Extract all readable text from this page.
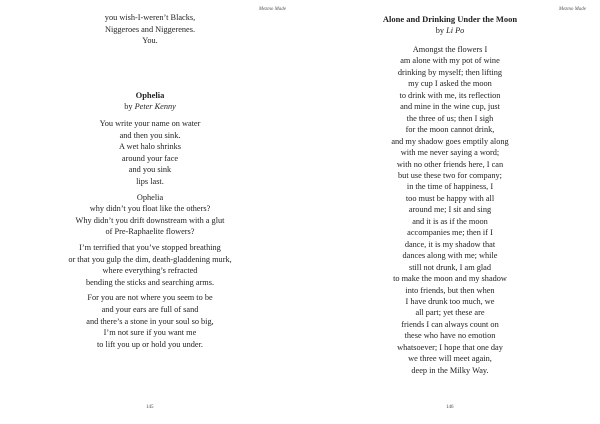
Mezmo Made

you wish-I-weren’t Blacks,

Niggeroes and Niggerenes.

You.

Ophelia

by Peter Kenny

You write your name on water
and then you sink.
A wet halo shrinks
around your face
and you sink
lips last.

Ophelia
why didn’t you float like the others?
Why didn’t you drift downstream with a glut
of Pre-Raphaelite flowers?

I’m terrified that you’ve stopped breathing
or that you gulp the dim, death-gladdening murk,
where everything’s refracted
bending the sticks and searching arms.

For you are not where you seem to be
and your ears are full of sand
and there’s a stone in your soul so big,
I’m not sure if you want me
to lift you up or hold you under.

145
Mezmo Made

Alone and Drinking Under the Moon

by Li Po

Amongst the flowers I
am alone with my pot of wine
drinking by myself; then lifting
my cup I asked the moon
to drink with me, its reflection
and mine in the wine cup, just
the three of us; then I sigh
for the moon cannot drink,
and my shadow goes emptily along
with me never saying a word;
with no other friends here, I can
but use these two for company;
in the time of happiness, I
too must be happy with all
around me; I sit and sing
and it is as if the moon
accompanies me; then if I
dance, it is my shadow that
dances along with me; while
still not drunk, I am glad
to make the moon and my shadow
into friends, but then when
I have drunk too much, we
all part; yet these are
friends I can always count on
these who have no emotion
whatsoever; I hope that one day
we three will meet again,
deep in the Milky Way.

146
